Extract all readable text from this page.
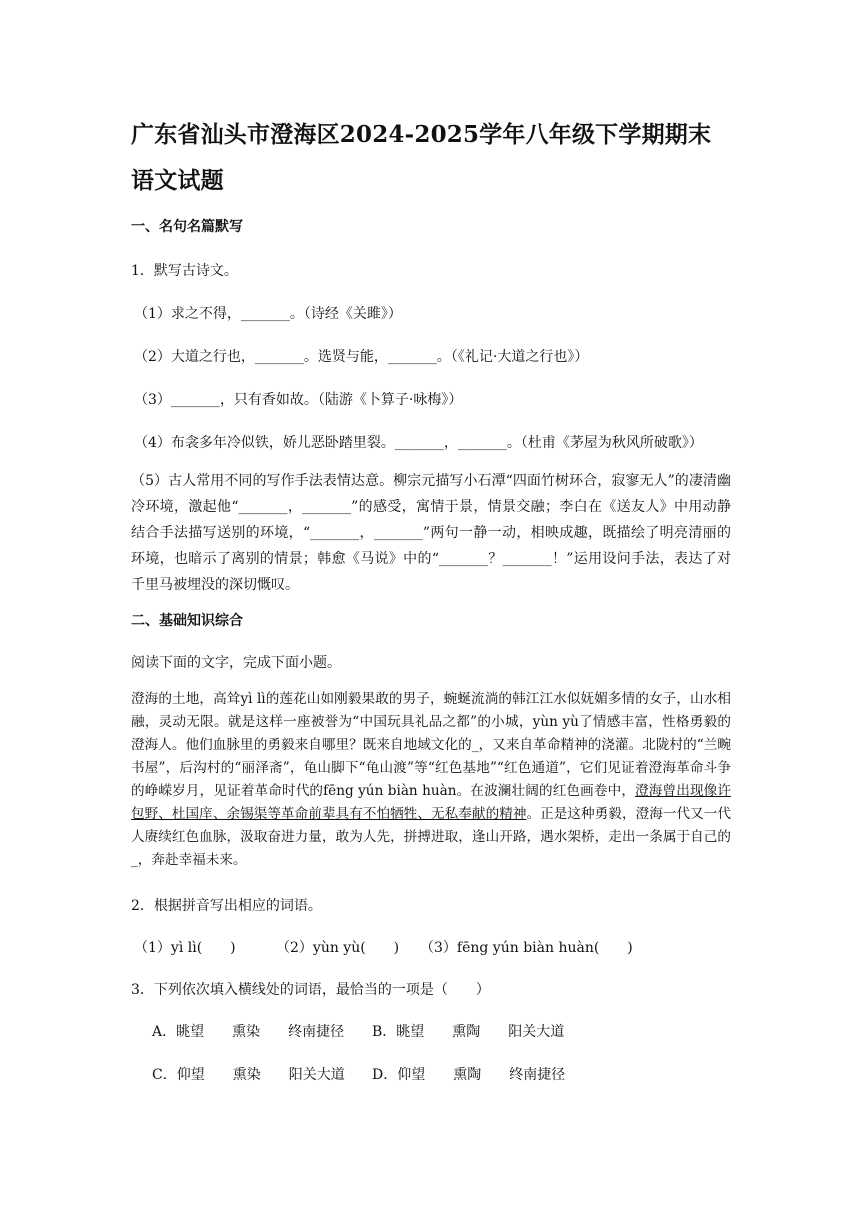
广东省汕头市澄海区2024-2025学年八年级下学期期末语文试题
一、名句名篇默写
1．默写古诗文。
（1）求之不得，_______。（诗经《关雎》）
（2）大道之行也，_______。选贤与能，_______。（《礼记·大道之行也》）
（3）_______，只有香如故。（陆游《卜算子·咏梅》）
（4）布衾多年冷似铁，娇儿恶卧踏里裂。_______，_______。（杜甫《茅屋为秋风所破歌》）
（5）古人常用不同的写作手法表情达意。柳宗元描写小石潭“四面竹树环合，寂寥无人”的凄清幽冷环境，激起他“_______，_______”的感受，寓情于景，情景交融；李白在《送友人》中用动静结合手法描写送别的环境，“_______，_______”两句一静一动，相映成趣，既描绘了明亮清丽的环境，也暗示了离别的情景；韩愈《马说》中的“_______？_______！”运用设问手法，表达了对千里马被埋没的深切慨叹。
二、基础知识综合
阅读下面的文字，完成下面小题。
澄海的土地，高耸yì lì的莲花山如刚毅果敢的男子，蜿蜒流淌的韩江江水似妩媚多情的女子，山水相融，灵动无限。就是这样一座被誉为“中国玩具礼品之都”的小城，yùn yù了情感丰富，性格勇毅的澄海人。他们血脉里的勇毅来自哪里？既来自地域文化的_，又来自革命精神的浇灌。北陇村的“兰畹书屋”，后沟村的“丽泽斋”，龟山脚下“龟山渡”等“红色基地”“红色通道”，它们见证着澄海革命斗争的峥嵘岁月，见证着革命时代的fēng yún biàn huàn。在波澜壮阔的红色画卷中，澄海曾出现像许包野、杜国庠、余锡渠等革命前辈具有不怕牺牲、无私奉献的精神。正是这种勇毅，澄海一代又一代人赓续红色血脉，汲取奋进力量，敢为人先，拼搏进取，逢山开路，遇水架桥，走出一条属于自己的_，奔赴幸福未来。
2．根据拼音写出相应的词语。
（1）yì lì(　　)	（2）yùn yù(　　) （3）fēng yún biàn huàn(　　)
3．下列依次填入横线处的词语，最恰当的一项是（　　）
A．眺望　　熏染　　终南捷径 B．眺望　　熏陶　　阳关大道
C．仰望　　熏染　　阳关大道 D．仰望　　熏陶　　终南捷径
